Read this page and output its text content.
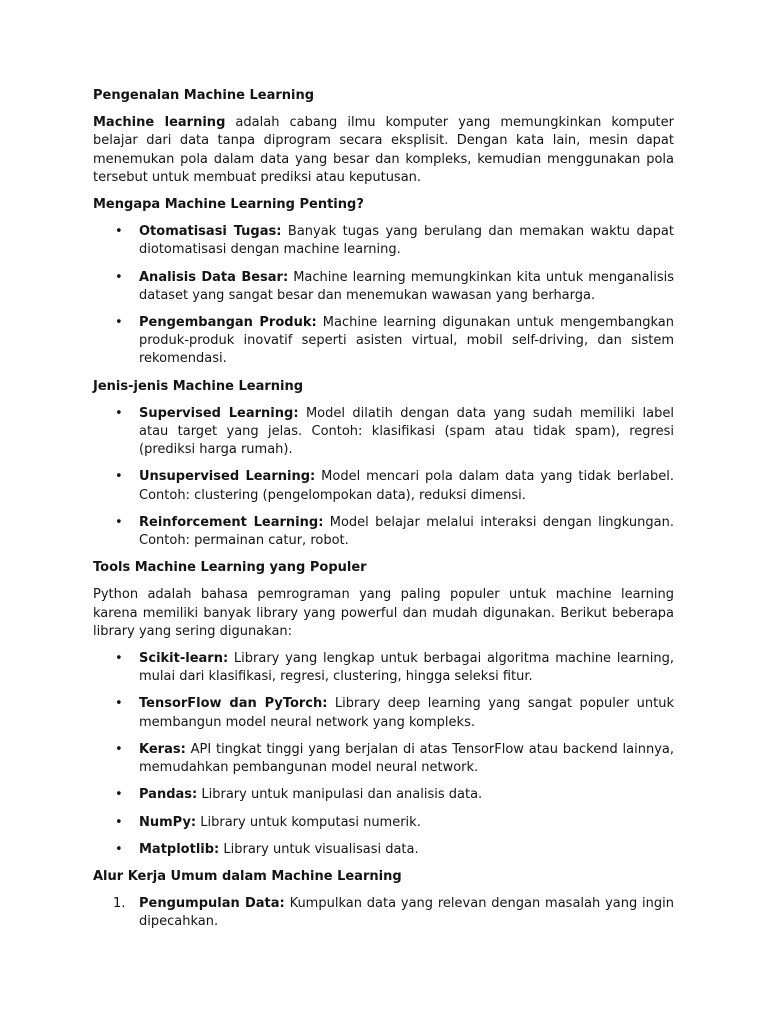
Pengenalan Machine Learning

Machine learning adalah cabang ilmu komputer yang memungkinkan komputer belajar dari data tanpa diprogram secara eksplisit. Dengan kata lain, mesin dapat menemukan pola dalam data yang besar dan kompleks, kemudian menggunakan pola tersebut untuk membuat prediksi atau keputusan.

Mengapa Machine Learning Penting?

• Otomatisasi Tugas: Banyak tugas yang berulang dan memakan waktu dapat diotomatisasi dengan machine learning.
• Analisis Data Besar: Machine learning memungkinkan kita untuk menganalisis dataset yang sangat besar dan menemukan wawasan yang berharga.
• Pengembangan Produk: Machine learning digunakan untuk mengembangkan produk-produk inovatif seperti asisten virtual, mobil self-driving, dan sistem rekomendasi.

Jenis-jenis Machine Learning

• Supervised Learning: Model dilatih dengan data yang sudah memiliki label atau target yang jelas. Contoh: klasifikasi (spam atau tidak spam), regresi (prediksi harga rumah).
• Unsupervised Learning: Model mencari pola dalam data yang tidak berlabel. Contoh: clustering (pengelompokan data), reduksi dimensi.
• Reinforcement Learning: Model belajar melalui interaksi dengan lingkungan. Contoh: permainan catur, robot.

Tools Machine Learning yang Populer

Python adalah bahasa pemrograman yang paling populer untuk machine learning karena memiliki banyak library yang powerful dan mudah digunakan. Berikut beberapa library yang sering digunakan:

• Scikit-learn: Library yang lengkap untuk berbagai algoritma machine learning, mulai dari klasifikasi, regresi, clustering, hingga seleksi fitur.
• TensorFlow dan PyTorch: Library deep learning yang sangat populer untuk membangun model neural network yang kompleks.
• Keras: API tingkat tinggi yang berjalan di atas TensorFlow atau backend lainnya, memudahkan pembangunan model neural network.
• Pandas: Library untuk manipulasi dan analisis data.
• NumPy: Library untuk komputasi numerik.
• Matplotlib: Library untuk visualisasi data.

Alur Kerja Umum dalam Machine Learning

1. Pengumpulan Data: Kumpulkan data yang relevan dengan masalah yang ingin dipecahkan.
